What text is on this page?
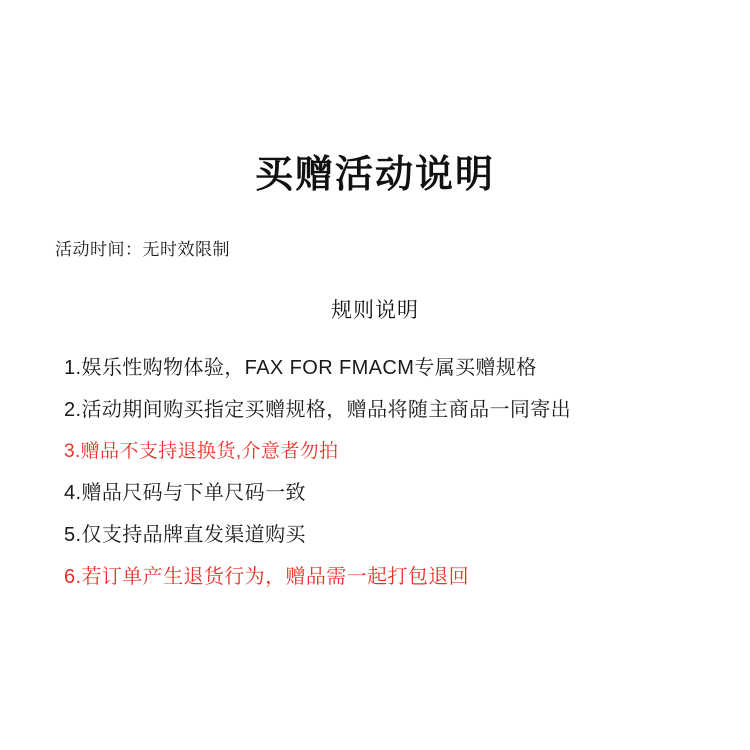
买赠活动说明
活动时间：无时效限制
规则说明
1.娱乐性购物体验，FAX FOR FMACM专属买赠规格
2.活动期间购买指定买赠规格，赠品将随主商品一同寄出
3.赠品不支持退换货,介意者勿拍
4.赠品尺码与下单尺码一致
5.仅支持品牌直发渠道购买
6.若订单产生退货行为，赠品需一起打包退回
